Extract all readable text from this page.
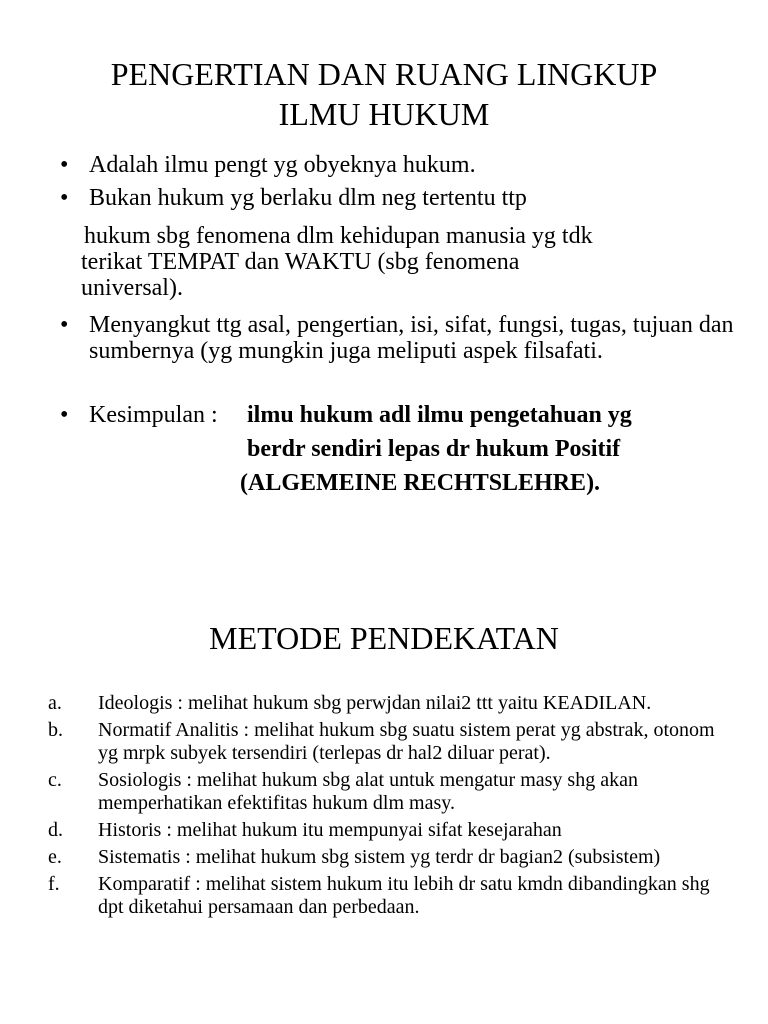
PENGERTIAN DAN RUANG LINGKUP
ILMU HUKUM
• Adalah ilmu pengt yg obyeknya hukum.
• Bukan hukum yg berlaku dlm neg tertentu ttp
hukum sbg fenomena dlm kehidupan manusia yg tdk
terikat TEMPAT dan WAKTU (sbg fenomena
universal).
• Menyangkut ttg asal, pengertian, isi, sifat, fungsi, tugas, tujuan dan sumbernya (yg mungkin juga meliputi aspek filsafati.
• Kesimpulan : ilmu hukum adl ilmu pengetahuan yg
berdr sendiri lepas dr hukum Positif
(ALGEMEINE RECHTSLEHRE).
METODE PENDEKATAN
a. Ideologis : melihat hukum sbg perwjdan nilai2 ttt yaitu KEADILAN.
b. Normatif Analitis : melihat hukum sbg suatu sistem perat yg abstrak, otonom yg mrpk subyek tersendiri (terlepas dr hal2 diluar perat).
c. Sosiologis : melihat hukum sbg alat untuk mengatur masy shg akan memperhatikan efektifitas hukum dlm masy.
d. Historis : melihat hukum itu mempunyai sifat kesejarahan
e. Sistematis : melihat hukum sbg sistem yg terdr dr bagian2 (subsistem)
f. Komparatif : melihat sistem hukum itu lebih dr satu kmdn dibandingkan shg dpt diketahui persamaan dan perbedaan.
